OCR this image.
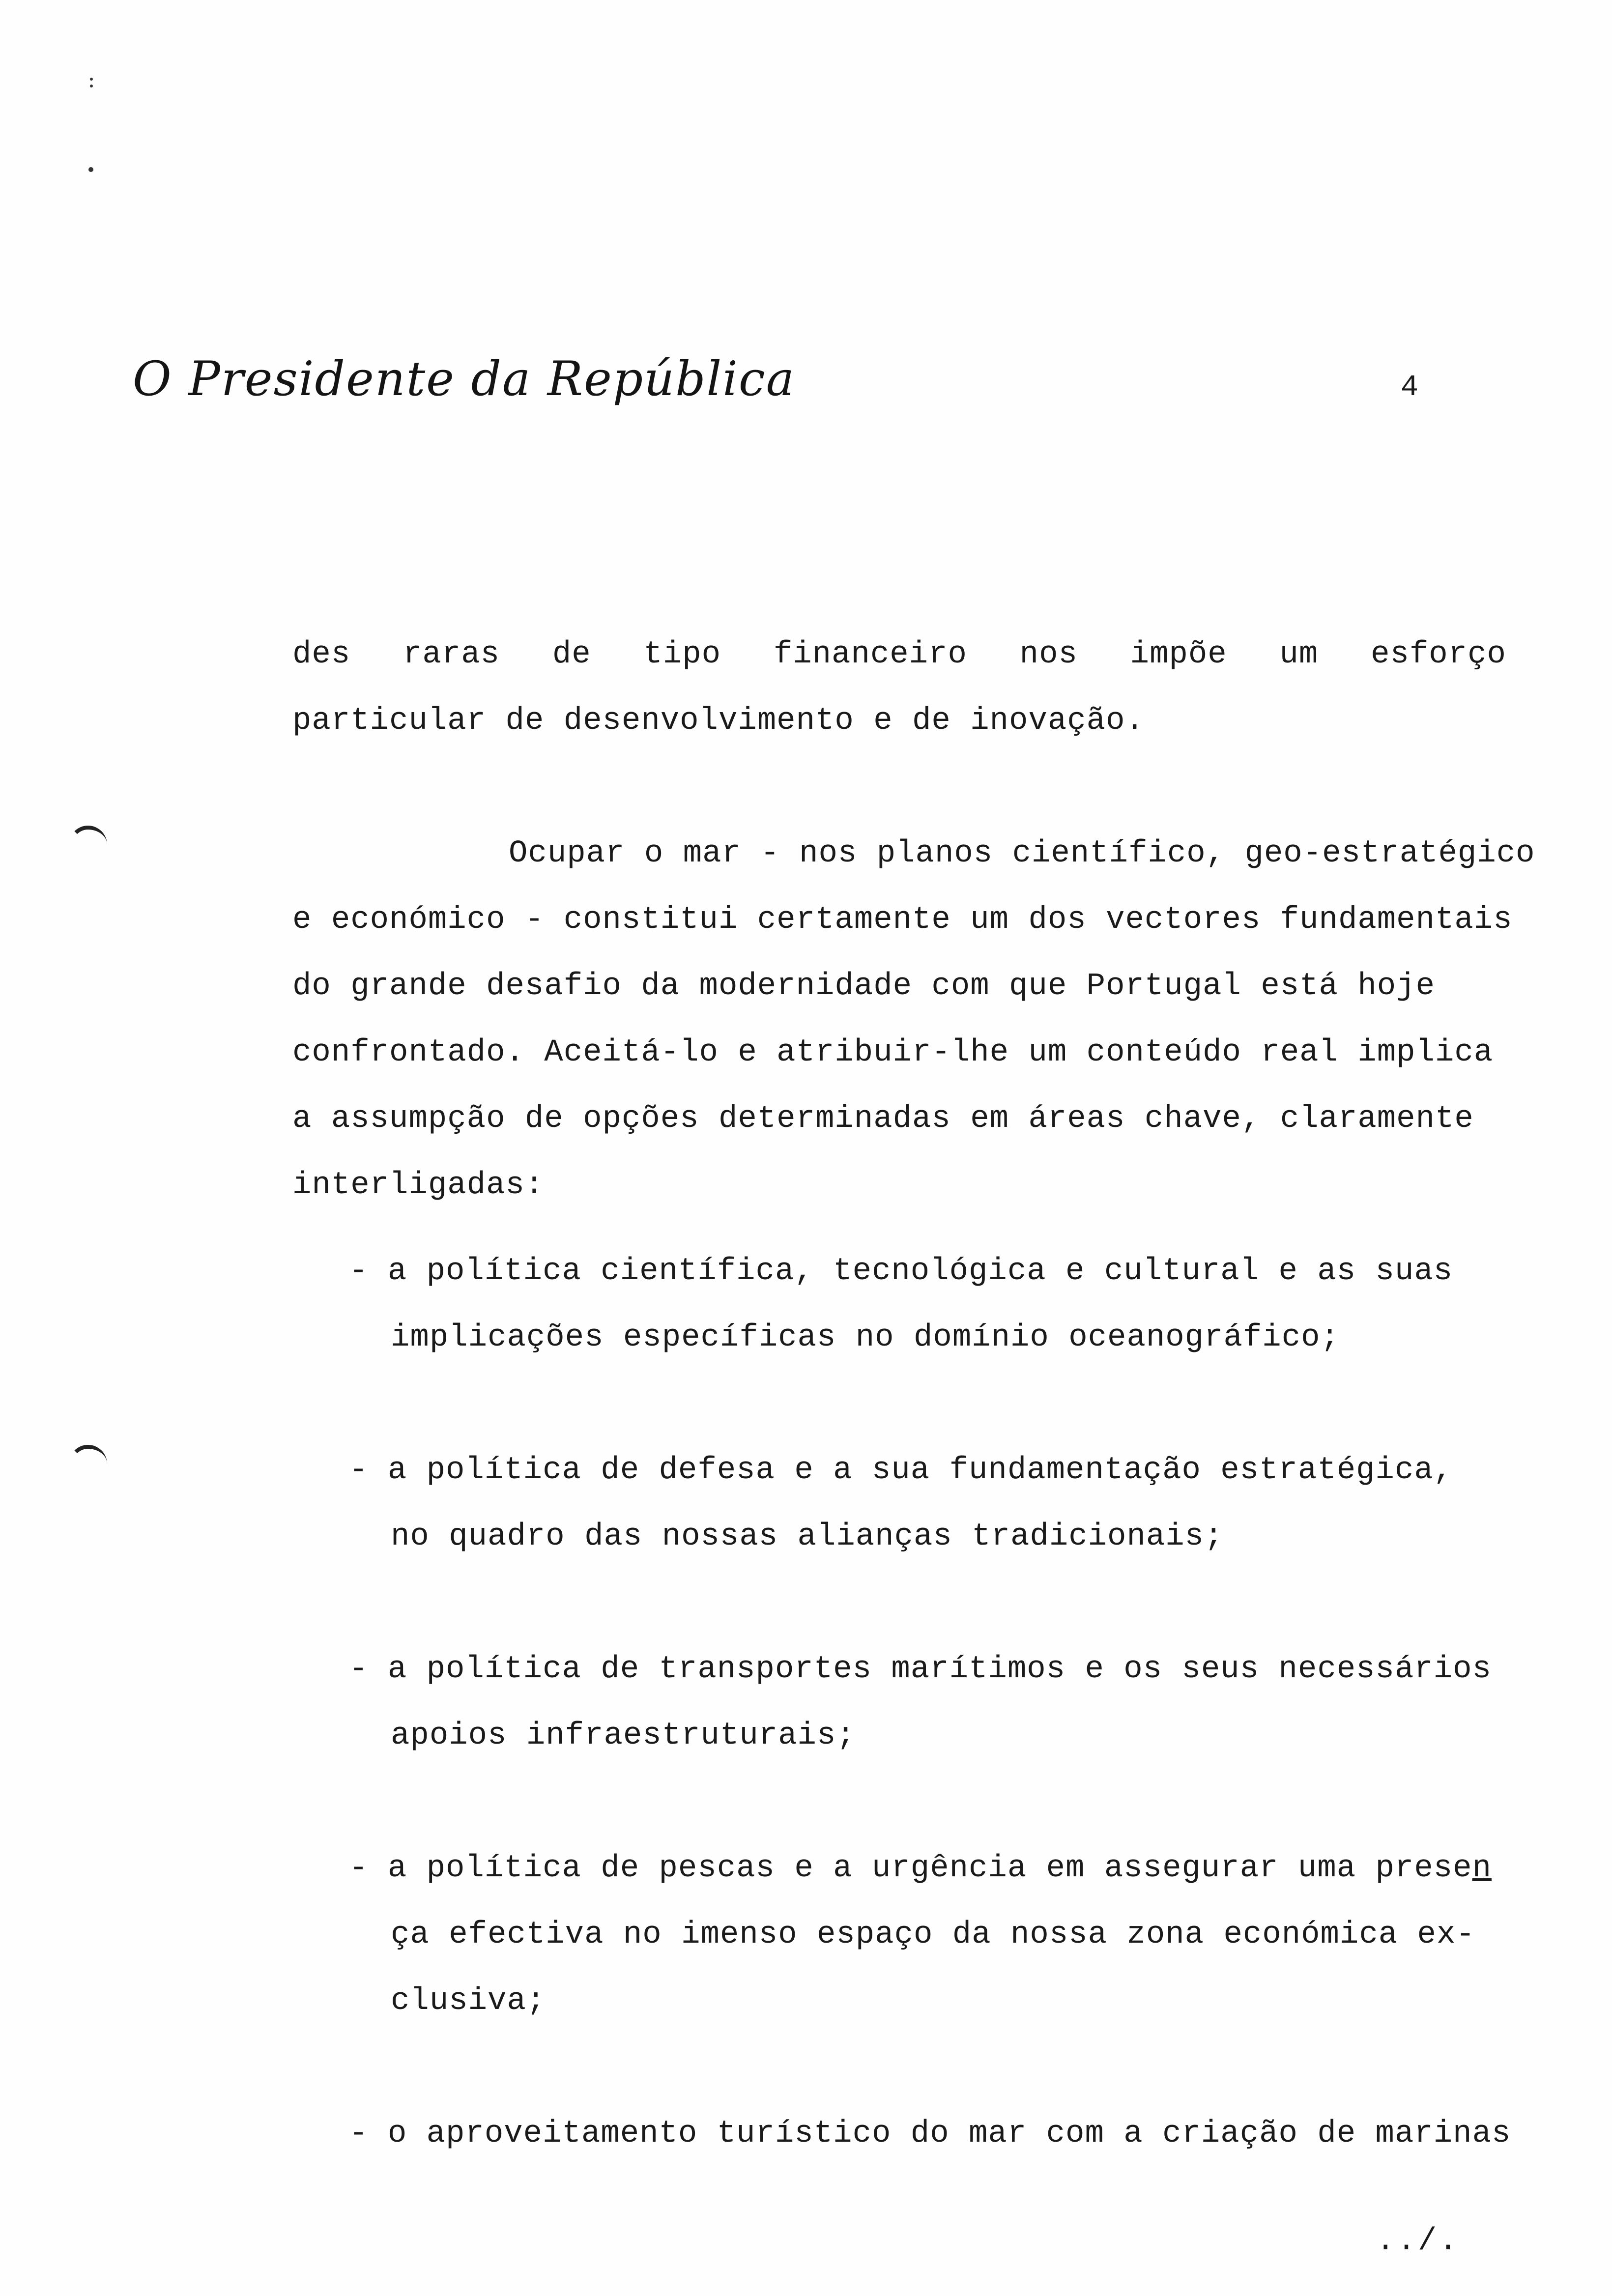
O Presidente da República	4
des raras de tipo financeiro nos impõe um esforço
particular de desenvolvimento e de inovação.
Ocupar o mar - nos planos científico, geo-estratégico
e económico - constitui certamente um dos vectores fundamentais
do grande desafio da modernidade com que Portugal está hoje
confrontado. Aceitá-lo e atribuir-lhe um conteúdo real implica
a assumpção de opções determinadas em áreas chave, claramente
interligadas:
- a política científica, tecnológica e cultural e as suas
implicações específicas no domínio oceanográfico;
- a política de defesa e a sua fundamentação estratégica,
no quadro das nossas alianças tradicionais;
- a política de transportes marítimos e os seus necessários
apoios infraestruturais;
- a política de pescas e a urgência em assegurar uma presen
ça efectiva no imenso espaço da nossa zona económica ex-
clusiva;
- o aproveitamento turístico do mar com a criação de marinas
../.
